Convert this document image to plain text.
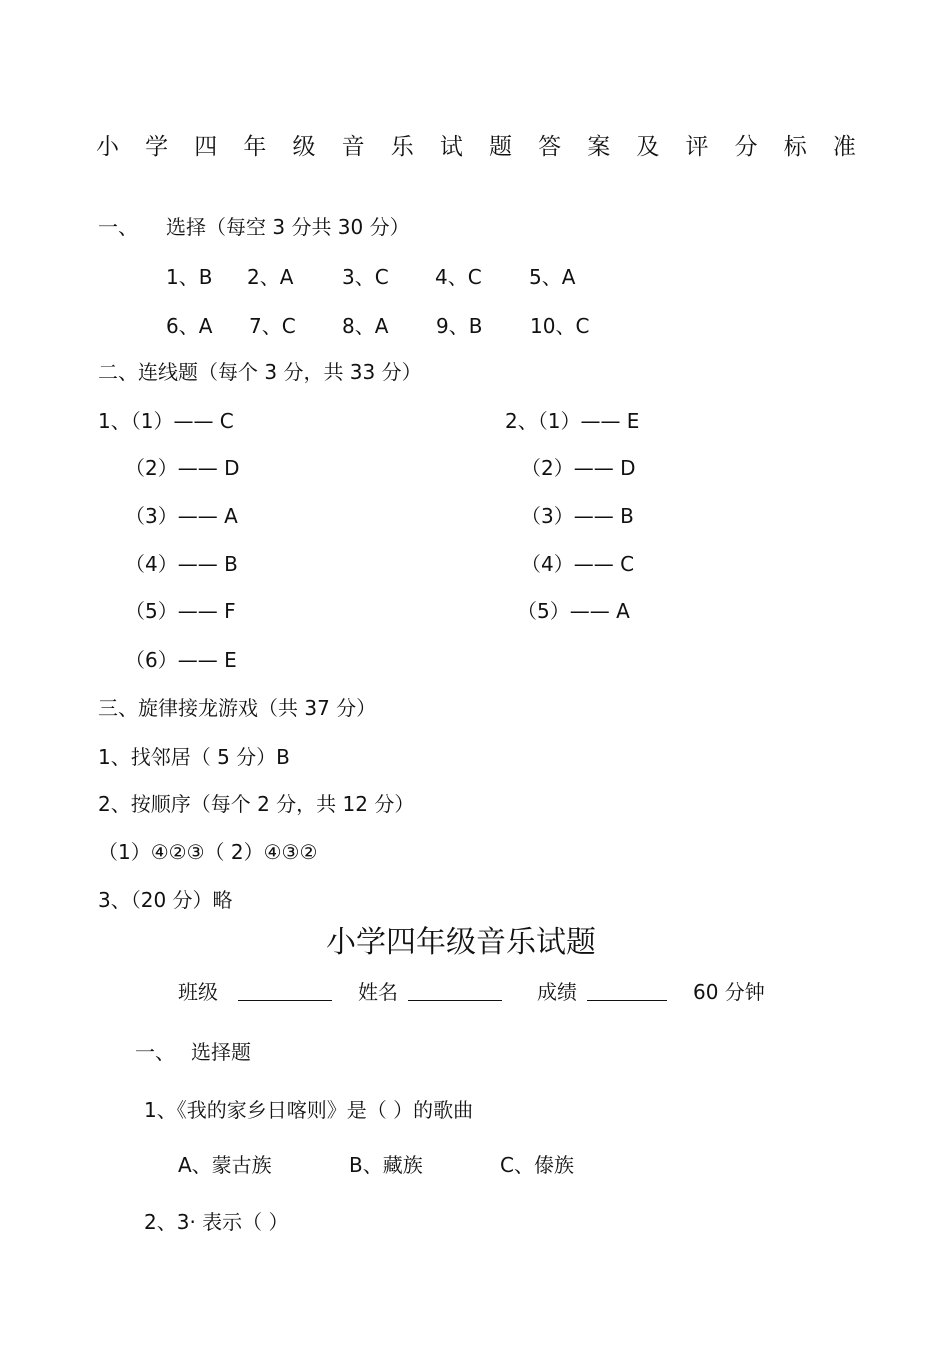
小 学 四 年 级 音 乐 试 题 答 案 及 评 分 标 准
一、 选择（每空 3 分共 30 分）
1、B 2、A 3、C 4、C 5、A
6、A 7、C 8、A 9、B 10、C
二、连线题（每个 3 分，共 33 分）
1、（1）—— C
（2）—— D
（3）—— A
（4）—— B
（5）—— F
（6）—— E
2、（1）—— E
（2）—— D
（3）—— B
（4）—— C
（5）—— A
三、旋律接龙游戏（共 37 分）
1、找邻居（ 5 分）B
2、按顺序（每个 2 分，共 12 分）
（1）④②③（ 2）④③②
3、（20 分）略
小学四年级音乐试题
班级	姓名	成绩	60 分钟
一、 选择题
1、《我的家乡日喀则》是（ ）的歌曲
A、蒙古族	B、藏族	C、傣族
2、3· 表示（ ）
